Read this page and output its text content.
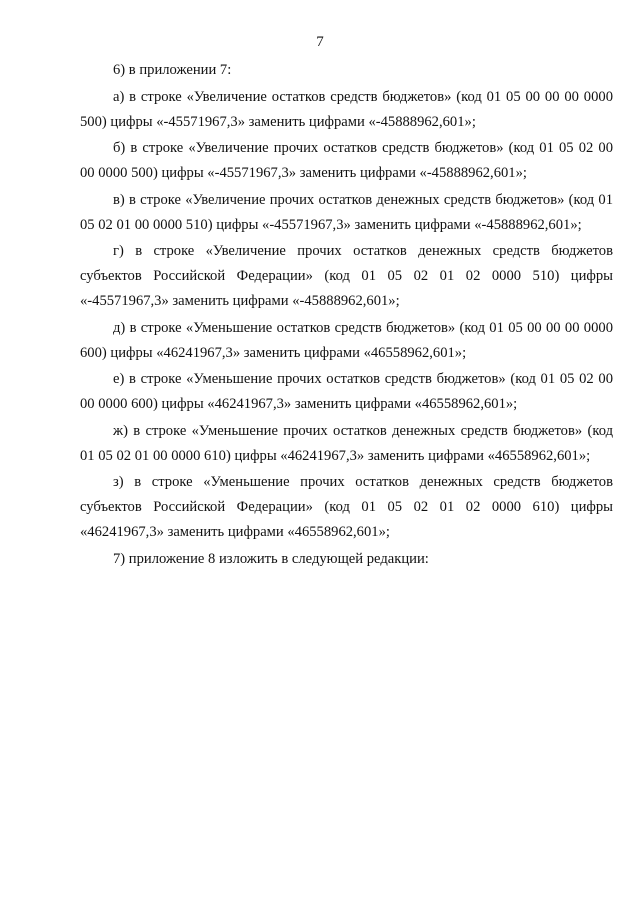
7

6) в приложении 7:

а) в строке «Увеличение остатков средств бюджетов» (код 01 05 00 00 00 0000 500) цифры «-45571967,3» заменить цифрами «-45888962,601»;

б) в строке «Увеличение прочих остатков средств бюджетов» (код 01 05 02 00 00 0000 500) цифры «-45571967,3» заменить цифрами «-45888962,601»;

в) в строке «Увеличение прочих остатков денежных средств бюджетов» (код 01 05 02 01 00 0000 510) цифры «-45571967,3» заменить цифрами «-45888962,601»;

г) в строке «Увеличение прочих остатков денежных средств бюджетов субъектов Российской Федерации» (код 01 05 02 01 02 0000 510) цифры «-45571967,3» заменить цифрами «-45888962,601»;

д) в строке «Уменьшение остатков средств бюджетов» (код 01 05 00 00 00 0000 600) цифры «46241967,3» заменить цифрами «46558962,601»;

е) в строке «Уменьшение прочих остатков средств бюджетов» (код 01 05 02 00 00 0000 600) цифры «46241967,3» заменить цифрами «46558962,601»;

ж) в строке «Уменьшение прочих остатков денежных средств бюджетов» (код 01 05 02 01 00 0000 610) цифры «46241967,3» заменить цифрами «46558962,601»;

з) в строке «Уменьшение прочих остатков денежных средств бюджетов субъектов Российской Федерации» (код 01 05 02 01 02 0000 610) цифры «46241967,3» заменить цифрами «46558962,601»;

7) приложение 8 изложить в следующей редакции:
